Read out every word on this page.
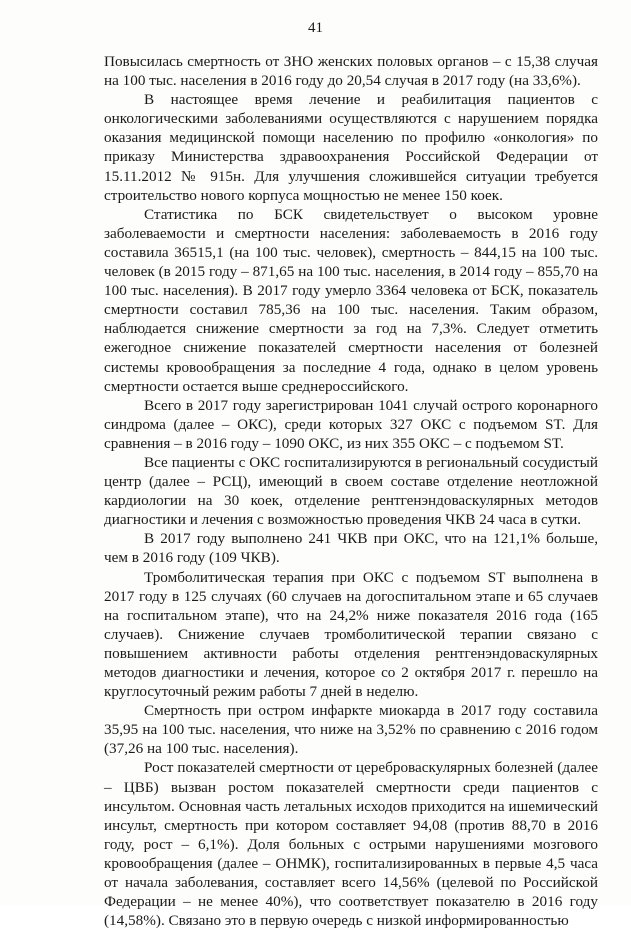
41

Повысилась смертность от ЗНО женских половых органов – с 15,38 случая на 100 тыс. населения в 2016 году до 20,54 случая в 2017 году (на 33,6%).

В настоящее время лечение и реабилитация пациентов с онкологическими заболеваниями осуществляются с нарушением порядка оказания медицинской помощи населению по профилю «онкология» по приказу Министерства здравоохранения Российской Федерации от 15.11.2012 № 915н. Для улучшения сложившейся ситуации требуется строительство нового корпуса мощностью не менее 150 коек.

Статистика по БСК свидетельствует о высоком уровне заболеваемости и смертности населения: заболеваемость в 2016 году составила 36515,1 (на 100 тыс. человек), смертность – 844,15 на 100 тыс. человек (в 2015 году – 871,65 на 100 тыс. населения, в 2014 году – 855,70 на 100 тыс. населения). В 2017 году умерло 3364 человека от БСК, показатель смертности составил 785,36 на 100 тыс. населения. Таким образом, наблюдается снижение смертности за год на 7,3%. Следует отметить ежегодное снижение показателей смертности населения от болезней системы кровообращения за последние 4 года, однако в целом уровень смертности остается выше среднероссийского.

Всего в 2017 году зарегистрирован 1041 случай острого коронарного синдрома (далее – ОКС), среди которых 327 ОКС с подъемом ST. Для сравнения – в 2016 году – 1090 ОКС, из них 355 ОКС – с подъемом ST.

Все пациенты с ОКС госпитализируются в региональный сосудистый центр (далее – РСЦ), имеющий в своем составе отделение неотложной кардиологии на 30 коек, отделение рентгенэндоваскулярных методов диагностики и лечения с возможностью проведения ЧКВ 24 часа в сутки.

В 2017 году выполнено 241 ЧКВ при ОКС, что на 121,1% больше, чем в 2016 году (109 ЧКВ).

Тромболитическая терапия при ОКС с подъемом ST выполнена в 2017 году в 125 случаях (60 случаев на догоспитальном этапе и 65 случаев на госпитальном этапе), что на 24,2% ниже показателя 2016 года (165 случаев). Снижение случаев тромболитической терапии связано с повышением активности работы отделения рентгенэндоваскулярных методов диагностики и лечения, которое со 2 октября 2017 г. перешло на круглосуточный режим работы 7 дней в неделю.

Смертность при остром инфаркте миокарда в 2017 году составила 35,95 на 100 тыс. населения, что ниже на 3,52% по сравнению с 2016 годом (37,26 на 100 тыс. населения).

Рост показателей смертности от цереброваскулярных болезней (далее – ЦВБ) вызван ростом показателей смертности среди пациентов с инсультом. Основная часть летальных исходов приходится на ишемический инсульт, смертность при котором составляет 94,08 (против 88,70 в 2016 году, рост – 6,1%). Доля больных с острыми нарушениями мозгового кровообращения (далее – ОНМК), госпитализированных в первые 4,5 часа от начала заболевания, составляет всего 14,56% (целевой по Российской Федерации – не менее 40%), что соответствует показателю в 2016 году (14,58%). Связано это в первую очередь с низкой информированностью
